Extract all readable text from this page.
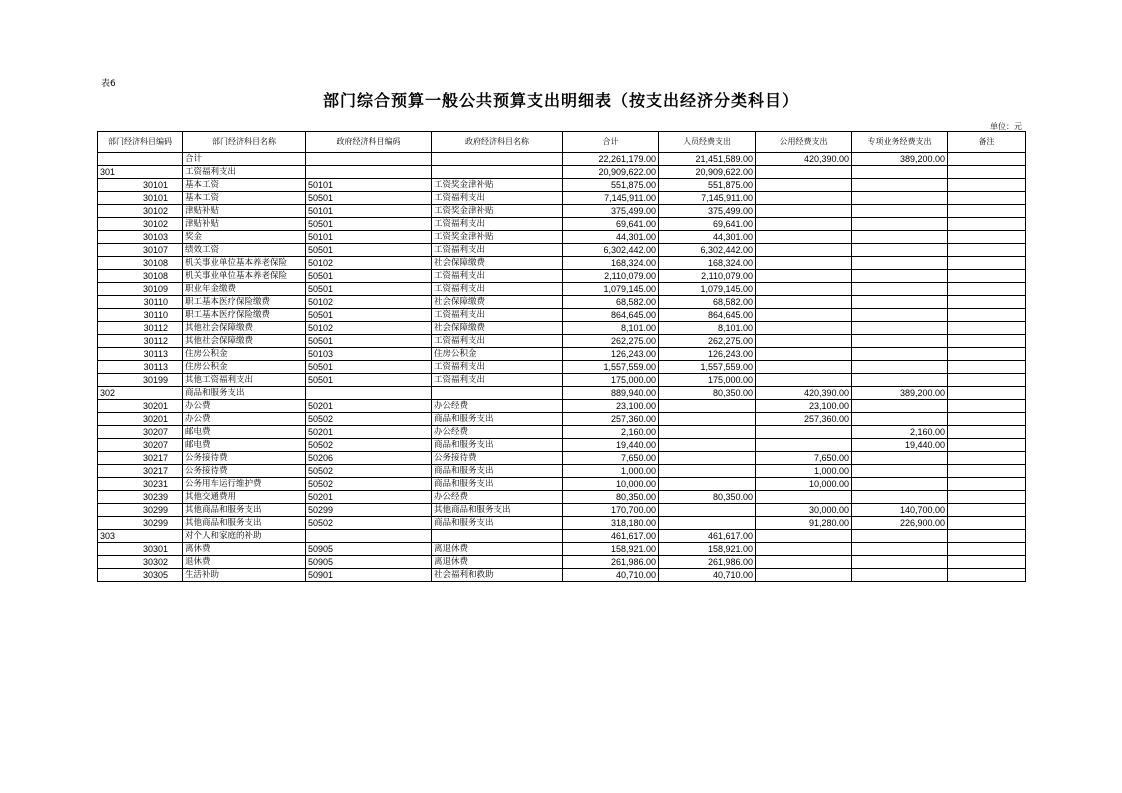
表6
部门综合预算一般公共预算支出明细表（按支出经济分类科目）
单位：元
部门经济科目编码	部门经济科目名称	政府经济科目编码	政府经济科目名称	合计	人员经费支出	公用经费支出	专项业务经费支出	备注
	合计			22,261,179.00	21,451,589.00	420,390.00	389,200.00	
301	工资福利支出			20,909,622.00	20,909,622.00			
30101	基本工资	50101	工资奖金津补贴	551,875.00	551,875.00			
30101	基本工资	50501	工资福利支出	7,145,911.00	7,145,911.00			
30102	津贴补贴	50101	工资奖金津补贴	375,499.00	375,499.00			
30102	津贴补贴	50501	工资福利支出	69,641.00	69,641.00			
30103	奖金	50101	工资奖金津补贴	44,301.00	44,301.00			
30107	绩效工资	50501	工资福利支出	6,302,442.00	6,302,442.00			
30108	机关事业单位基本养老保险	50102	社会保障缴费	168,324.00	168,324.00			
30108	机关事业单位基本养老保险	50501	工资福利支出	2,110,079.00	2,110,079.00			
30109	职业年金缴费	50501	工资福利支出	1,079,145.00	1,079,145.00			
30110	职工基本医疗保险缴费	50102	社会保障缴费	68,582.00	68,582.00			
30110	职工基本医疗保险缴费	50501	工资福利支出	864,645.00	864,645.00			
30112	其他社会保障缴费	50102	社会保障缴费	8,101.00	8,101.00			
30112	其他社会保障缴费	50501	工资福利支出	262,275.00	262,275.00			
30113	住房公积金	50103	住房公积金	126,243.00	126,243.00			
30113	住房公积金	50501	工资福利支出	1,557,559.00	1,557,559.00			
30199	其他工资福利支出	50501	工资福利支出	175,000.00	175,000.00			
302	商品和服务支出			889,940.00	80,350.00	420,390.00	389,200.00	
30201	办公费	50201	办公经费	23,100.00		23,100.00		
30201	办公费	50502	商品和服务支出	257,360.00		257,360.00		
30207	邮电费	50201	办公经费	2,160.00			2,160.00	
30207	邮电费	50502	商品和服务支出	19,440.00			19,440.00	
30217	公务接待费	50206	公务接待费	7,650.00		7,650.00		
30217	公务接待费	50502	商品和服务支出	1,000.00		1,000.00		
30231	公务用车运行维护费	50502	商品和服务支出	10,000.00		10,000.00		
30239	其他交通费用	50201	办公经费	80,350.00	80,350.00			
30299	其他商品和服务支出	50299	其他商品和服务支出	170,700.00		30,000.00	140,700.00	
30299	其他商品和服务支出	50502	商品和服务支出	318,180.00		91,280.00	226,900.00	
303	对个人和家庭的补助			461,617.00	461,617.00			
30301	离休费	50905	离退休费	158,921.00	158,921.00			
30302	退休费	50905	离退休费	261,986.00	261,986.00			
30305	生活补助	50901	社会福利和救助	40,710.00	40,710.00			
